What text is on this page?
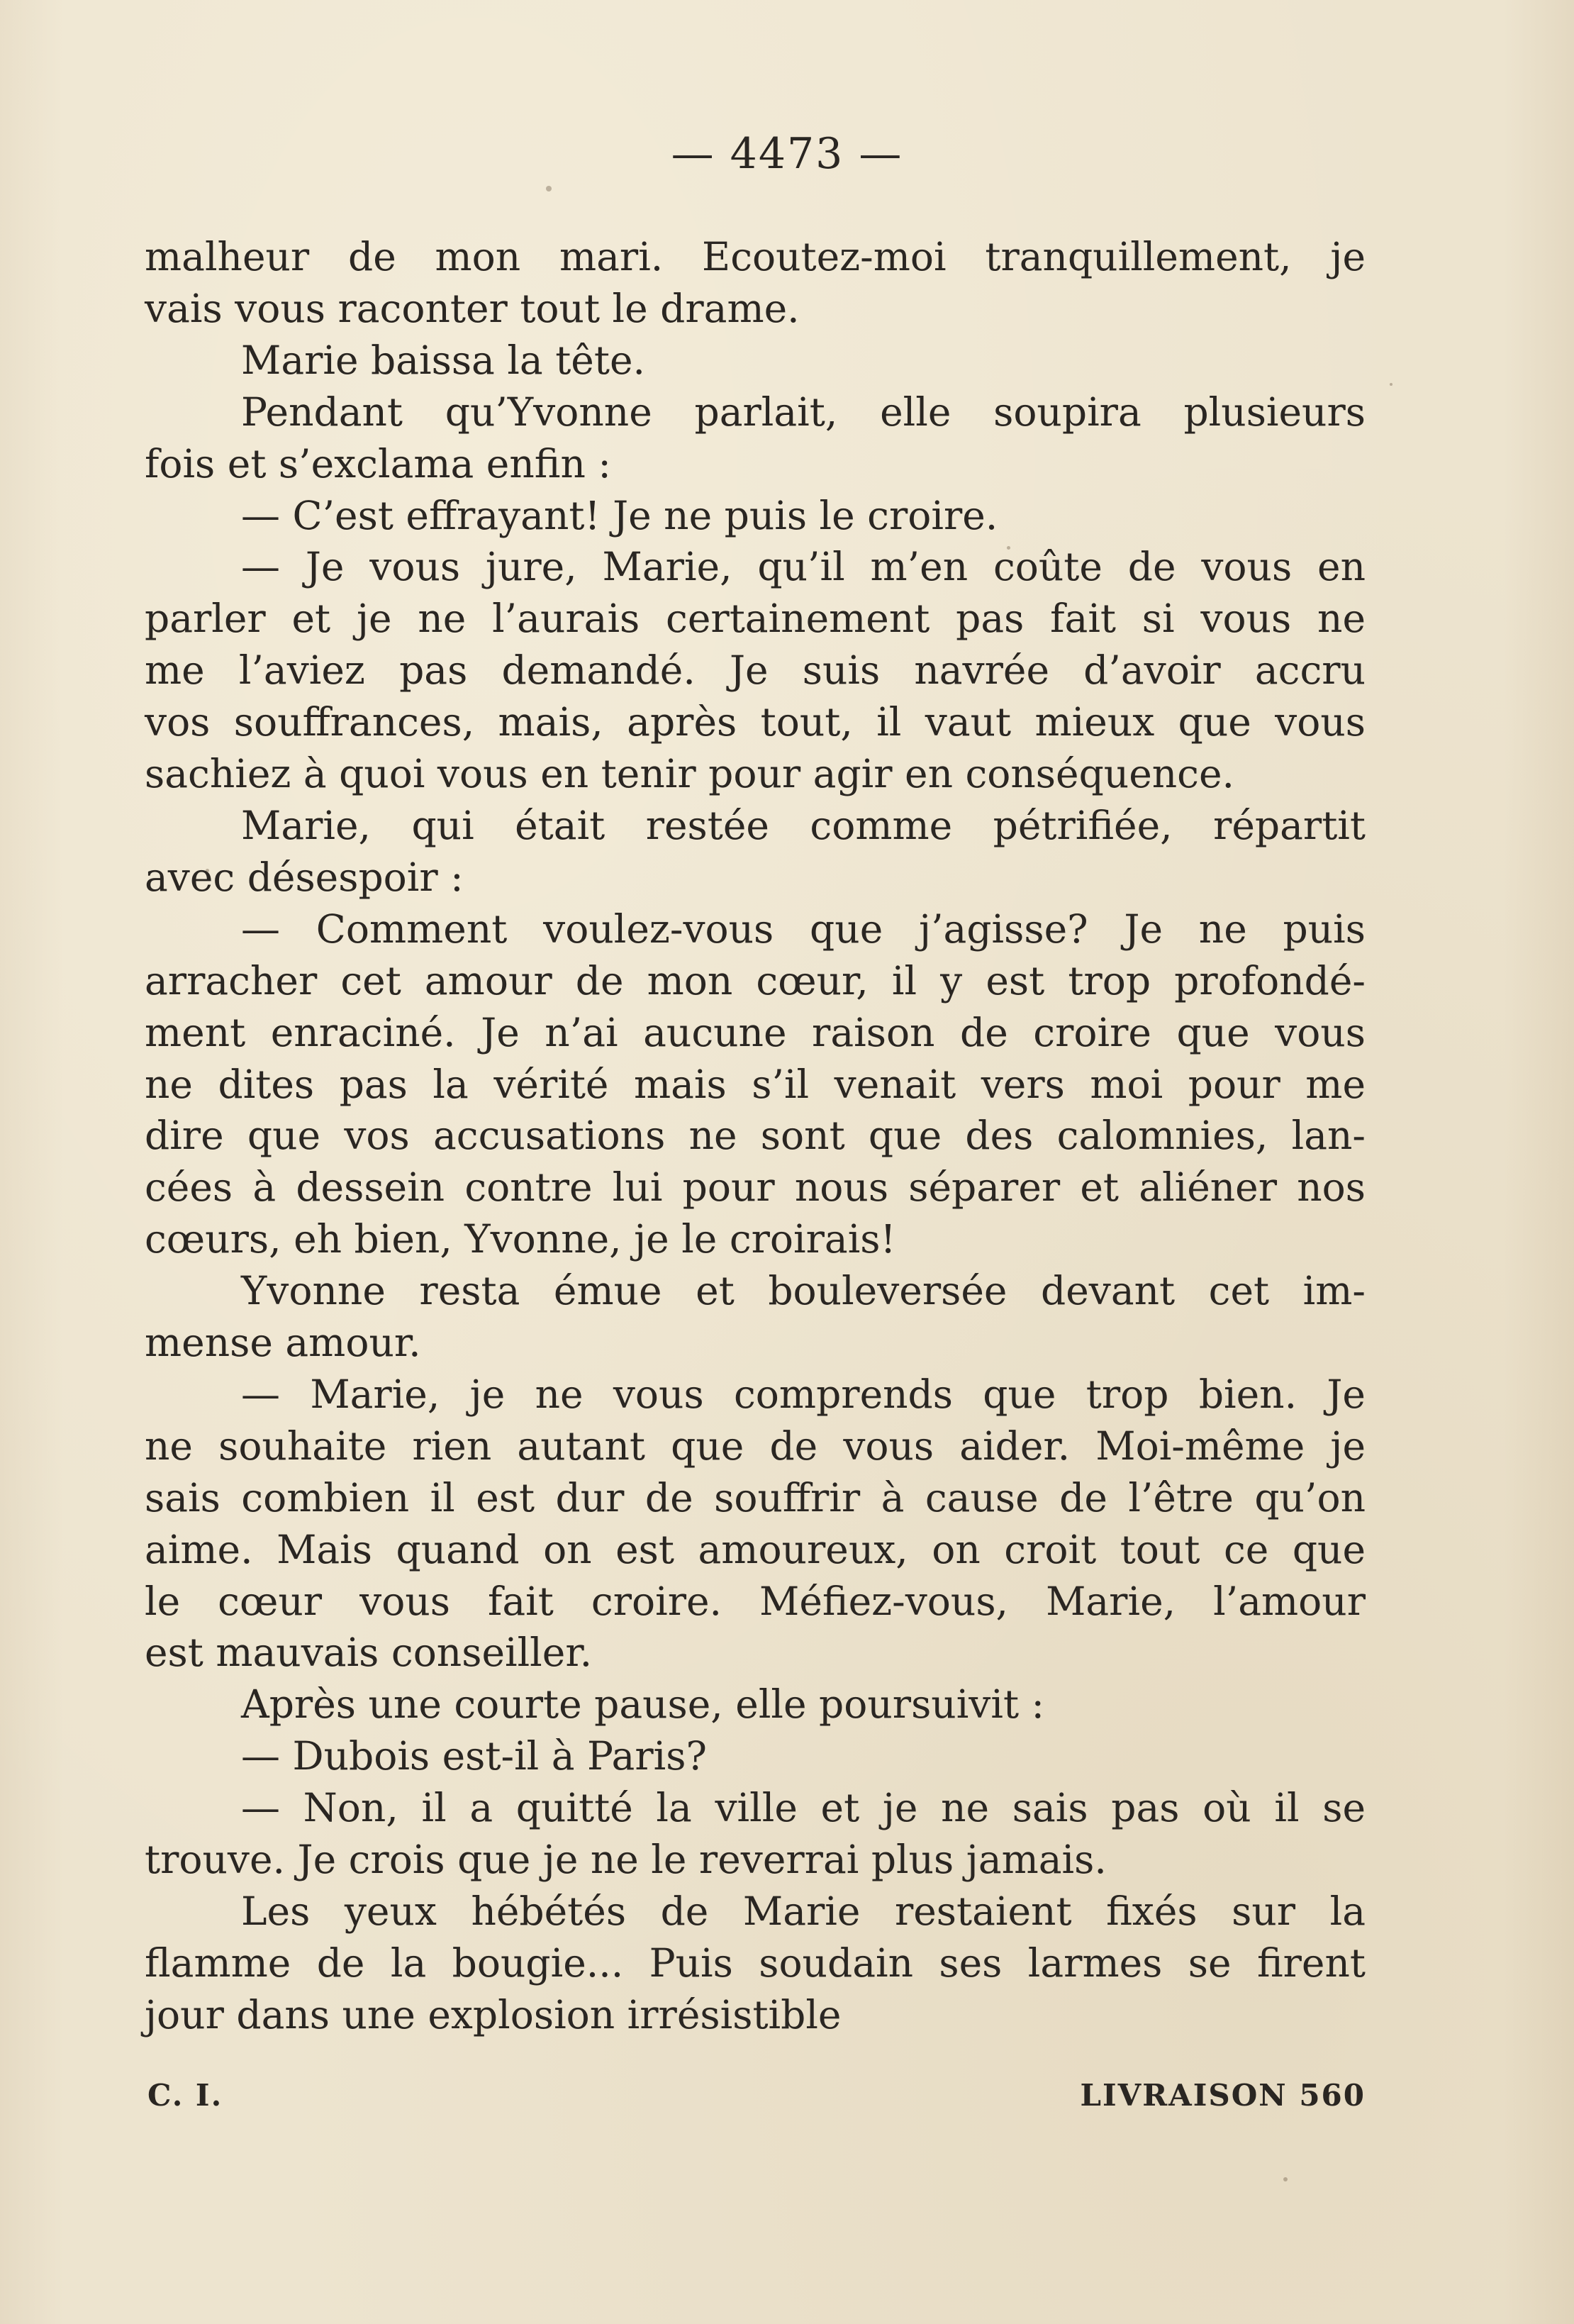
— 4473 —
malheur de mon mari. Ecoutez-moi tranquillement, je
vais vous raconter tout le drame.
Marie baissa la tête.
Pendant qu’Yvonne parlait, elle soupira plusieurs
fois et s’exclama enfin :
— C’est effrayant! Je ne puis le croire.
— Je vous jure, Marie, qu’il m’en coûte de vous en
parler et je ne l’aurais certainement pas fait si vous ne
me l’aviez pas demandé. Je suis navrée d’avoir accru
vos souffrances, mais, après tout, il vaut mieux que vous
sachiez à quoi vous en tenir pour agir en conséquence.
Marie, qui était restée comme pétrifiée, répartit
avec désespoir :
— Comment voulez-vous que j’agisse? Je ne puis
arracher cet amour de mon cœur, il y est trop profondé-
ment enraciné. Je n’ai aucune raison de croire que vous
ne dites pas la vérité mais s’il venait vers moi pour me
dire que vos accusations ne sont que des calomnies, lan-
cées à dessein contre lui pour nous séparer et aliéner nos
cœurs, eh bien, Yvonne, je le croirais!
Yvonne resta émue et bouleversée devant cet im-
mense amour.
— Marie, je ne vous comprends que trop bien. Je
ne souhaite rien autant que de vous aider. Moi-même je
sais combien il est dur de souffrir à cause de l’être qu’on
aime. Mais quand on est amoureux, on croit tout ce que
le cœur vous fait croire. Méfiez-vous, Marie, l’amour
est mauvais conseiller.
Après une courte pause, elle poursuivit :
— Dubois est-il à Paris?
— Non, il a quitté la ville et je ne sais pas où il se
trouve. Je crois que je ne le reverrai plus jamais.
Les yeux hébétés de Marie restaient fixés sur la
flamme de la bougie... Puis soudain ses larmes se firent
jour dans une explosion irrésistible
C. I.	LIVRAISON 560
